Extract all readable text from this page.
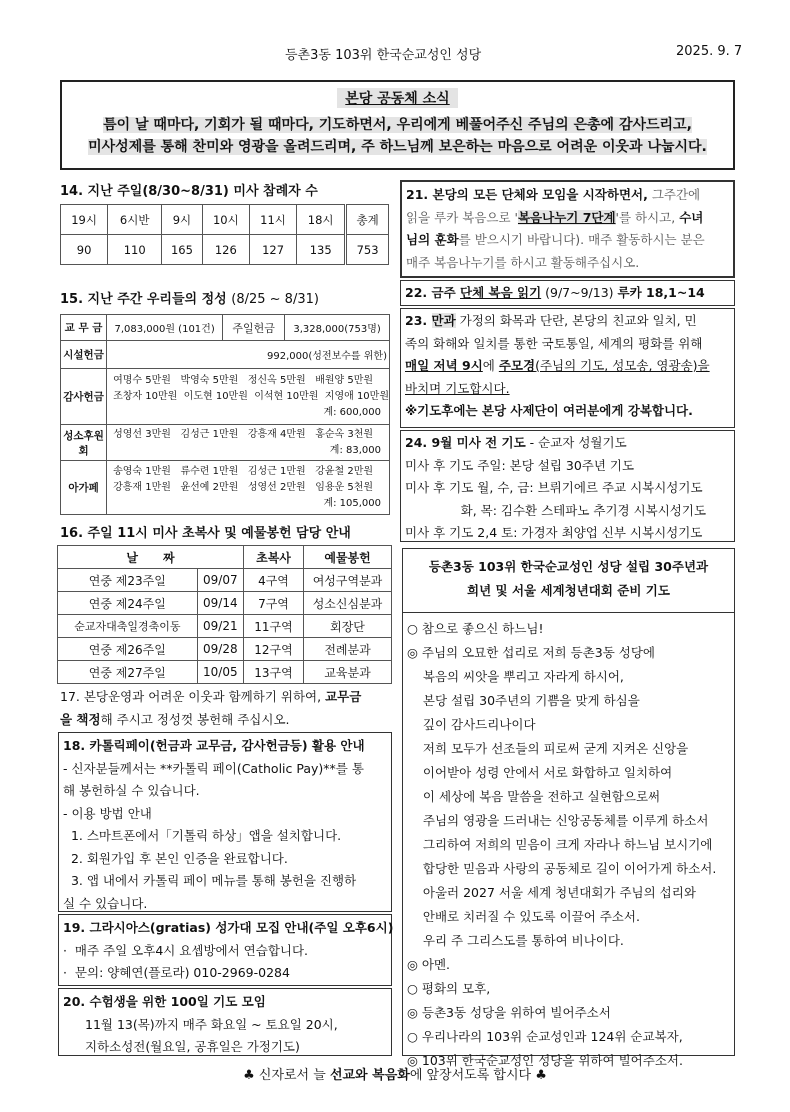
등촌3동 103위 한국순교성인 성당	2025. 9. 7
본당 공동체 소식
틈이 날 때마다, 기회가 될 때마다, 기도하면서, 우리에게 베풀어주신 주님의 은총에 감사드리고,
미사성제를 통해 찬미와 영광을 올려드리며, 주 하느님께 보은하는 마음으로 어려운 이웃과 나눕시다.
14. 지난 주일(8/30~8/31) 미사 참례자 수
19시	6시반	9시	10시	11시	18시	총계
90	110	165	126	127	135	753
15. 지난 주간 우리들의 정성 (8/25 ~ 8/31)
교 무 금	7,083,000원 (101건)	주일헌금	3,328,000(753명)
시설헌금	992,000(성전보수를 위한)		
감사헌금	여명수 5만원   박영숙 5만원   정신옥 5만원   배원양 5만원
조창자 10만원  이도현 10만원  이석현 10만원  지영애 10만원
계: 600,000		

성소후원회	성영선 3만원   김성근 1만원   강흥재 4만원   홍순옥 3천원
계: 83,000		

아가페	송영숙 1만원   류수련 1만원   김성근 1만원   강윤철 2만원
강흥재 1만원   윤선예 2만원   성영선 2만원   임용운 5천원
계: 105,000		
16. 주일 11시 미사 초복사 및 예물봉헌 담당 안내
날      짜		초복사	예물봉헌
연중 제23주일	09/07	4구역	여성구역분과
연중 제24주일	09/14	7구역	성소신심분과
순교자대축일경축이동	09/21	11구역	회장단
연중 제26주일	09/28	12구역	전례분과
연중 제27주일	10/05	13구역	교육분과
17. 본당운영과 어려운 이웃과 함께하기 위하여, 교무금
을 책정해 주시고 정성껏 봉헌해 주십시오.
18. 카톨릭페이(헌금과 교무금, 감사헌금등) 활용 안내
- 신자분들께서는 **카톨릭 페이(Catholic Pay)**를 통
해 봉헌하실 수 있습니다.
- 이용 방법 안내
1. 스마트폰에서「기톨릭 하상」앱을 설치합니다.
2. 회원가입 후 본인 인증을 완료합니다.
3. 앱 내에서 카톨릭 페이 메뉴를 통해 봉헌을 진행하
실 수 있습니다.
19. 그라시아스(gratias) 성가대 모집 안내(주일 오후6시)
·  매주 주일 오후4시 요셉방에서 연습합니다.
·  문의: 양혜연(플로라) 010-2969-0284
20. 수험생을 위한 100일 기도 모임
11월 13(목)까지 매주 화요일 ~ 토요일 20시,
지하소성전(월요일, 공휴일은 가정기도)
21. 본당의 모든 단체와 모임을 시작하면서, 그주간에
읽을 루카 복음으로 '복음나누기 7단계'를 하시고, 수녀
님의 훈화를 받으시기 바랍니다). 매주 활동하시는 분은
매주 복음나누기를 하시고 활동해주십시오.
22. 금주 단체 복음 읽기 (9/7~9/13) 루카 18,1~14
23. 만과 가정의 화목과 단란, 본당의 친교와 일치, 민
족의 화해와 일치를 통한 국토통일, 세계의 평화를 위해
매일 저녁 9시에 주모경(주님의 기도, 성모송, 영광송)을
바치며 기도합시다.
※기도후에는 본당 사제단이 여러분에게 강복합니다.
24. 9월 미사 전 기도 - 순교자 성월기도
미사 후 기도 주일: 본당 설립 30주년 기도
미사 후 기도 월, 수, 금: 브뤼기에르 주교 시복시성기도
화, 목: 김수환 스테파노 추기경 시복시성기도
미사 후 기도 2,4 토: 가경자 최양업 신부 시복시성기도
등촌3동 103위 한국순교성인 성당 설립 30주년과
희년 및 서울 세계청년대회 준비 기도
○ 참으로 좋으신 하느님!
◎ 주님의 오묘한 섭리로 저희 등촌3동 성당에
복음의 씨앗을 뿌리고 자라게 하시어,
본당 설립 30주년의 기쁨을 맞게 하심을
깊이 감사드리나이다
저희 모두가 선조들의 피로써 굳게 지켜온 신앙을
이어받아 성령 안에서 서로 화합하고 일치하여
이 세상에 복음 말씀을 전하고 실현함으로써
주님의 영광을 드러내는 신앙공동체를 이루게 하소서
그리하여 저희의 믿음이 크게 자라나 하느님 보시기에
합당한 믿음과 사랑의 공동체로 길이 이어가게 하소서.
아울러 2027 서울 세계 청년대회가 주님의 섭리와
안배로 치러질 수 있도록 이끌어 주소서.
우리 주 그리스도를 통하여 비나이다.
◎ 아멘.
○ 평화의 모후,
◎ 등촌3동 성당을 위하여 빌어주소서
○ 우리나라의 103위 순교성인과 124위 순교복자,
◎ 103위 한국순교성인 성당을 위하여 빌어주소서.
♣ 신자로서 늘 선교와 복음화에 앞장서도록 합시다 ♣
